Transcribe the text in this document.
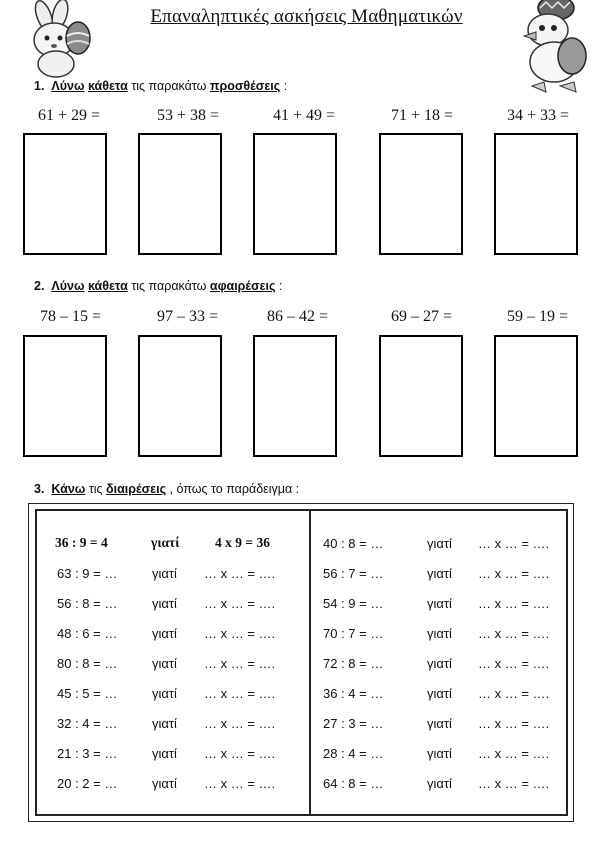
Επαναληπτικές ασκήσεις Μαθηματικών
1. Λύνω κάθετα τις παρακάτω προσθέσεις :
61 + 29 =	53 + 38 =	41 + 49 =	71 + 18 =	34 + 33 =
2. Λύνω κάθετα τις παρακάτω αφαιρέσεις :
78 – 15 =	97 – 33 =	86 – 42 =	69 – 27 =	59 – 19 =
3. Κάνω τις διαιρέσεις , όπως το παράδειγμα :
36 : 9 = 4	γιατί	4 x 9 = 36
63 : 9 = …	γιατί … x … = ….
56 : 8 = …	γιατί … x … = ….
48 : 6 = …	γιατί … x … = ….
80 : 8 = …	γιατί … x … = ….
45 : 5 = …	γιατί … x … = ….
32 : 4 = …	γιατί … x … = ….
21 : 3 = …	γιατί … x … = ….
20 : 2 = …	γιατί … x … = ….
40 : 8 = …	γιατί … x … = ….
56 : 7 = …	γιατί … x … = ….
54 : 9 = …	γιατί … x … = ….
70 : 7 = …	γιατί … x … = ….
72 : 8 = …	γιατί … x … = ….
36 : 4 = …	γιατί … x … = ….
27 : 3 = …	γιατί … x … = ….
28 : 4 = …	γιατί … x … = ….
64 : 8 = …	γιατί … x … = ….
